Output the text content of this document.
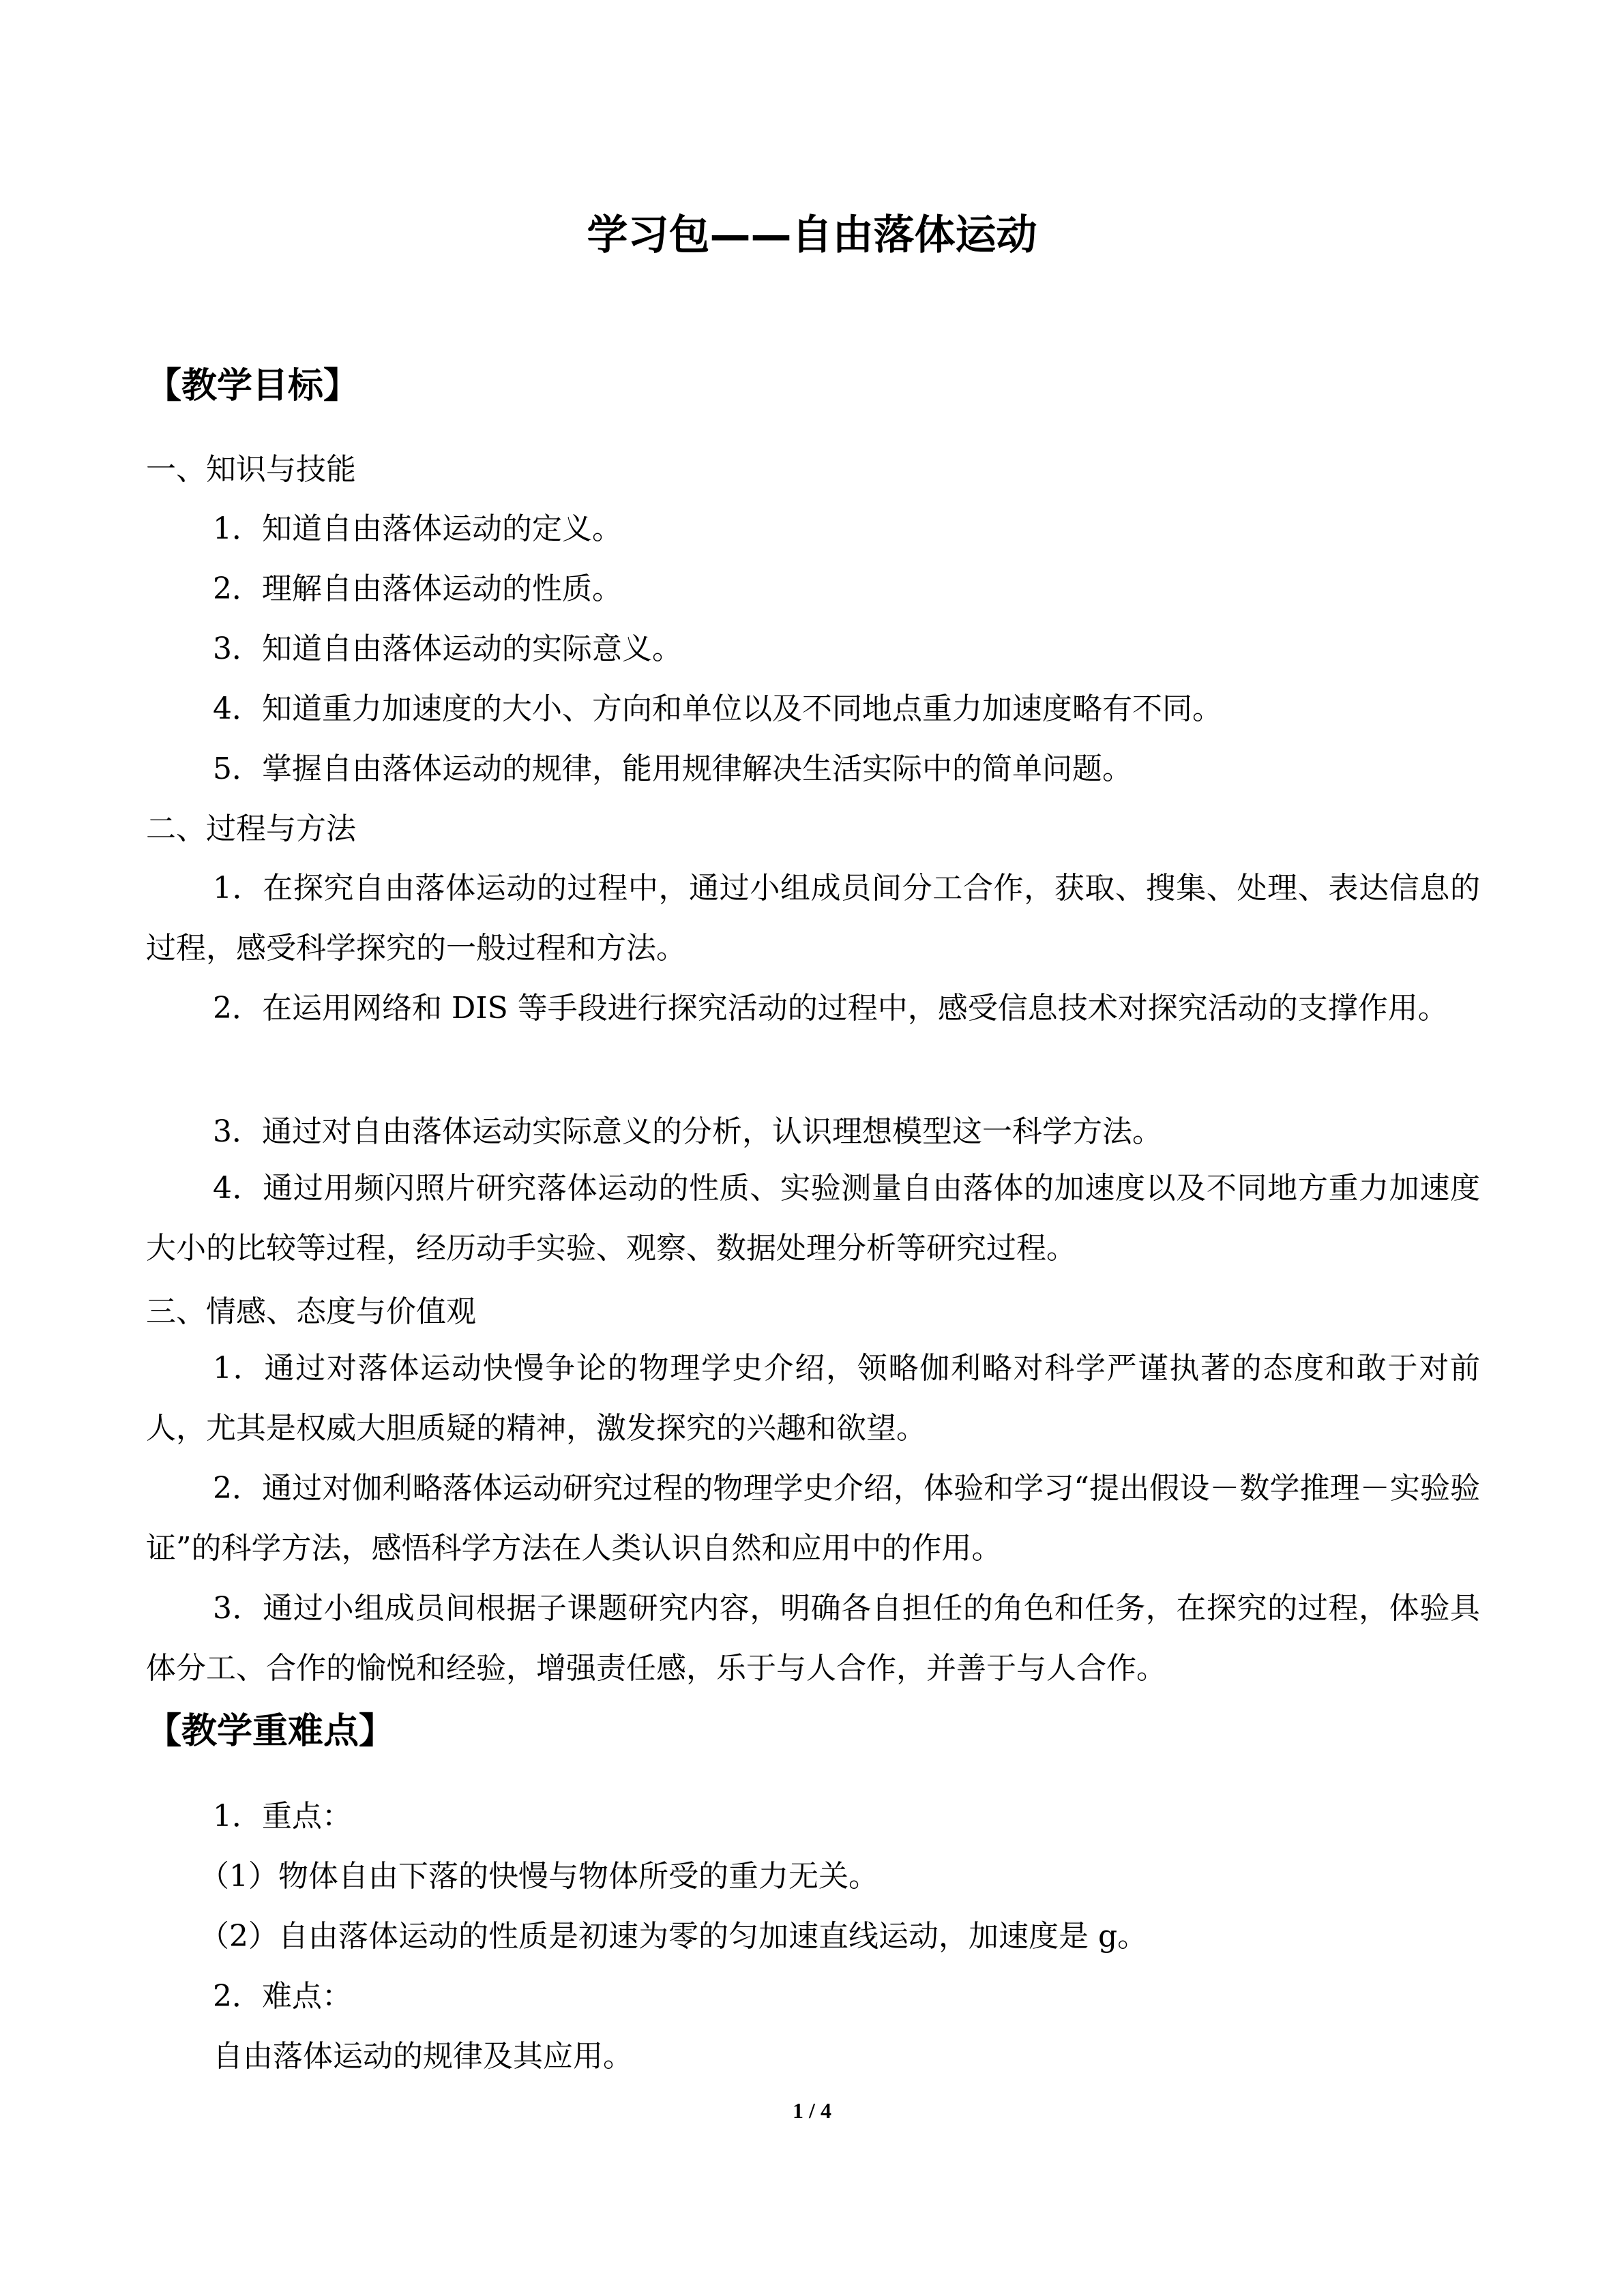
学习包——自由落体运动
【教学目标】
一、知识与技能
1．知道自由落体运动的定义。
2．理解自由落体运动的性质。
3．知道自由落体运动的实际意义。
4．知道重力加速度的大小、方向和单位以及不同地点重力加速度略有不同。
5．掌握自由落体运动的规律，能用规律解决生活实际中的简单问题。
二、过程与方法

1．在探究自由落体运动的过程中，通过小组成员间分工合作，获取、搜集、处理、表达信息的过程，感受科学探究的一般过程和方法。

2．在运用网络和 DIS 等手段进行探究活动的过程中，感受信息技术对探究活动的支撑作用。

3．通过对自由落体运动实际意义的分析，认识理想模型这一科学方法。

4．通过用频闪照片研究落体运动的性质、实验测量自由落体的加速度以及不同地方重力加速度大小的比较等过程，经历动手实验、观察、数据处理分析等研究过程。

三、情感、态度与价值观

1．通过对落体运动快慢争论的物理学史介绍，领略伽利略对科学严谨执著的态度和敢于对前人，尤其是权威大胆质疑的精神，激发探究的兴趣和欲望。

2．通过对伽利略落体运动研究过程的物理学史介绍，体验和学习“提出假设－数学推理－实验验证”的科学方法，感悟科学方法在人类认识自然和应用中的作用。

3．通过小组成员间根据子课题研究内容，明确各自担任的角色和任务，在探究的过程，体验具体分工、合作的愉悦和经验，增强责任感，乐于与人合作，并善于与人合作。

【教学重难点】
1．重点：
（1）物体自由下落的快慢与物体所受的重力无关。
（2）自由落体运动的性质是初速为零的匀加速直线运动，加速度是 g。
2．难点：
自由落体运动的规律及其应用。
1 / 4
